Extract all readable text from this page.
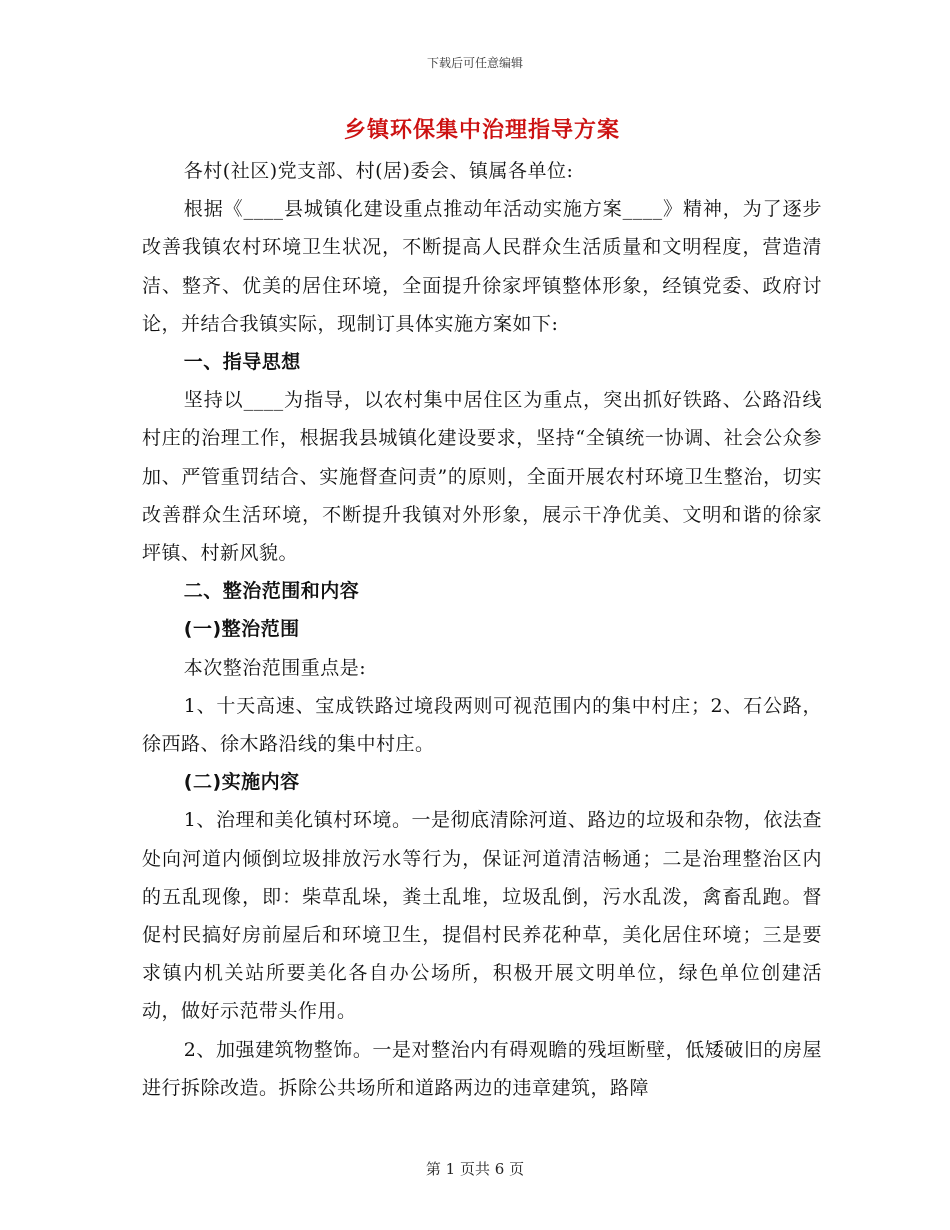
下载后可任意编辑
乡镇环保集中治理指导方案

各村(社区)党支部、村(居)委会、镇属各单位:

根据《____县城镇化建设重点推动年活动实施方案____》精神，为了逐步改善我镇农村环境卫生状况，不断提高人民群众生活质量和文明程度，营造清洁、整齐、优美的居住环境，全面提升徐家坪镇整体形象，经镇党委、政府讨论，并结合我镇实际，现制订具体实施方案如下:

一、指导思想

坚持以____为指导，以农村集中居住区为重点，突出抓好铁路、公路沿线村庄的治理工作，根据我县城镇化建设要求，坚持“全镇统一协调、社会公众参加、严管重罚结合、实施督查问责”的原则，全面开展农村环境卫生整治，切实改善群众生活环境，不断提升我镇对外形象，展示干净优美、文明和谐的徐家坪镇、村新风貌。

二、整治范围和内容

(一)整治范围

本次整治范围重点是:

1、十天高速、宝成铁路过境段两则可视范围内的集中村庄；2、石公路，徐西路、徐木路沿线的集中村庄。

(二)实施内容

1、治理和美化镇村环境。一是彻底清除河道、路边的垃圾和杂物，依法查处向河道内倾倒垃圾排放污水等行为，保证河道清洁畅通；二是治理整治区内的五乱现像，即：柴草乱垛，粪土乱堆，垃圾乱倒，污水乱泼，禽畜乱跑。督促村民搞好房前屋后和环境卫生，提倡村民养花种草，美化居住环境；三是要求镇内机关站所要美化各自办公场所，积极开展文明单位，绿色单位创建活动，做好示范带头作用。

2、加强建筑物整饰。一是对整治内有碍观瞻的残垣断壁，低矮破旧的房屋进行拆除改造。拆除公共场所和道路两边的违章建筑，路障

第 1 页共 6 页
